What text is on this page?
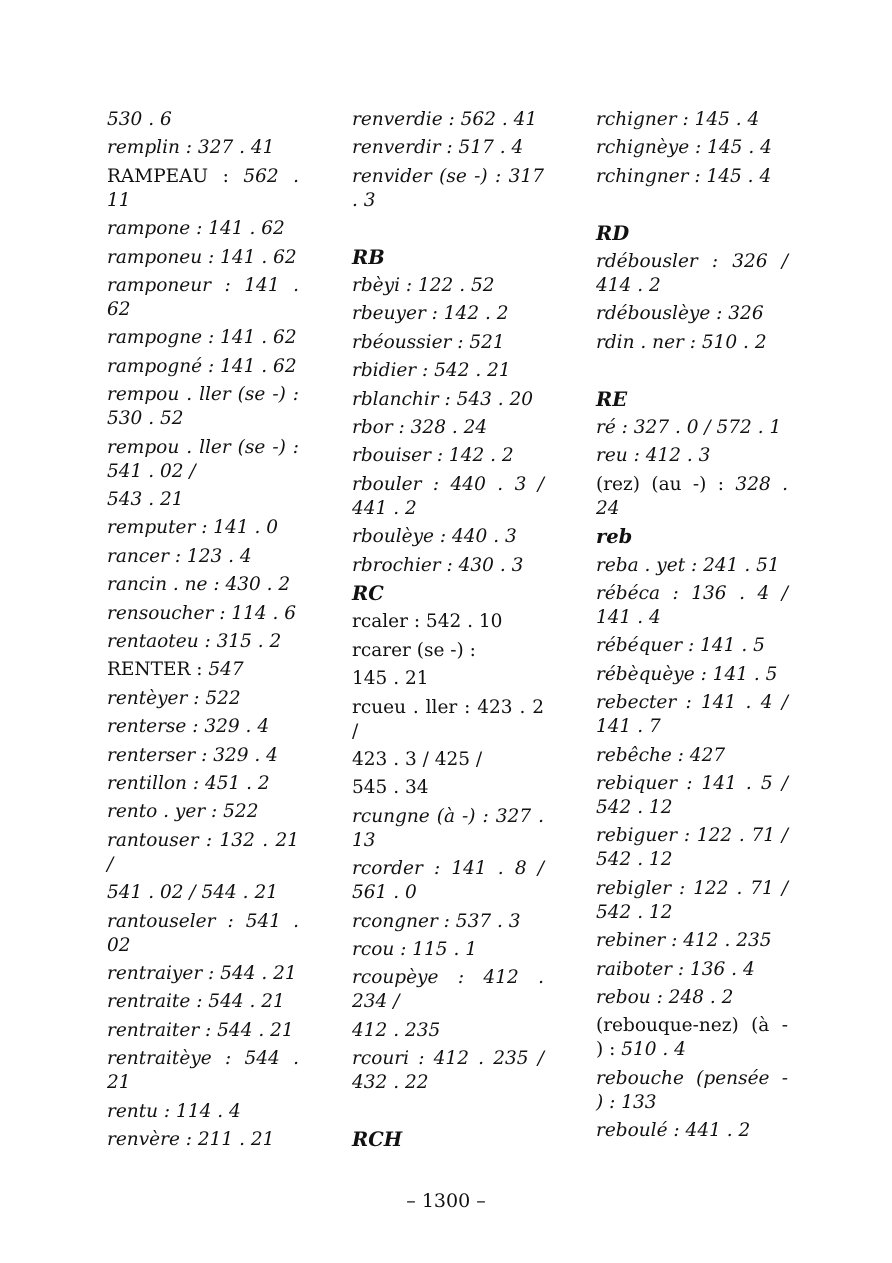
530 . 6
remplin : 327 . 41
RAMPEAU : 562 . 11
rampone : 141 . 62
ramponeu : 141 . 62
ramponeur : 141 . 62
rampogne : 141 . 62
rampogné : 141 . 62
rempou . ller (se -) : 530 . 52
rempou . ller (se -) : 541 . 02 /
543 . 21
remputer : 141 . 0
rancer : 123 . 4
rancin . ne : 430 . 2
rensoucher : 114 . 6
rentaoteu : 315 . 2
RENTER : 547
rentèyer : 522
renterse : 329 . 4
renterser : 329 . 4
rentillon : 451 . 2
rento . yer : 522
rantouser : 132 . 21 /
541 . 02 / 544 . 21
rantouseler : 541 . 02
rentraiyer : 544 . 21
rentraite : 544 . 21
rentraiter : 544 . 21
rentraitèye : 544 . 21
rentu : 114 . 4
renvère : 211 . 21
renverdie : 562 . 41
renverdir : 517 . 4
renvider (se -) : 317 . 3
RB
rbèyi : 122 . 52
rbeuyer : 142 . 2
rbéoussier : 521
rbidier : 542 . 21
rblanchir : 543 . 20
rbor : 328 . 24
rbouiser : 142 . 2
rbouler : 440 . 3 / 441 . 2
rboulèye : 440 . 3
rbrochier : 430 . 3
RC
rcaler : 542 . 10
rcarer (se -) :
145 . 21
rcueu . ller : 423 . 2 /
423 . 3 / 425 /
545 . 34
rcungne (à -) : 327 . 13
rcorder : 141 . 8 / 561 . 0
rcongner : 537 . 3
rcou : 115 . 1
rcoupèye : 412 . 234 /
412 . 235
rcouri : 412 . 235 / 432 . 22
RCH
rchigner : 145 . 4
rchignèye : 145 . 4
rchingner : 145 . 4
RD
rdébousler : 326 / 414 . 2
rdébouslèye : 326
rdin . ner : 510 . 2
RE
ré : 327 . 0 / 572 . 1
reu : 412 . 3
(rez) (au -) : 328 . 24
reb
reba . yet : 241 . 51
rébéca : 136 . 4 / 141 . 4
rébéquer : 141 . 5
rébèquèye : 141 . 5
rebecter : 141 . 4 / 141 . 7
rebêche : 427
rebiquer : 141 . 5 / 542 . 12
rebiguer : 122 . 71 / 542 . 12
rebigler : 122 . 71 / 542 . 12
rebiner : 412 . 235
raiboter : 136 . 4
rebou : 248 . 2
(rebouque-nez) (à - ) : 510 . 4
rebouche (pensée - ) : 133
reboulé : 441 . 2
– 1300 –
